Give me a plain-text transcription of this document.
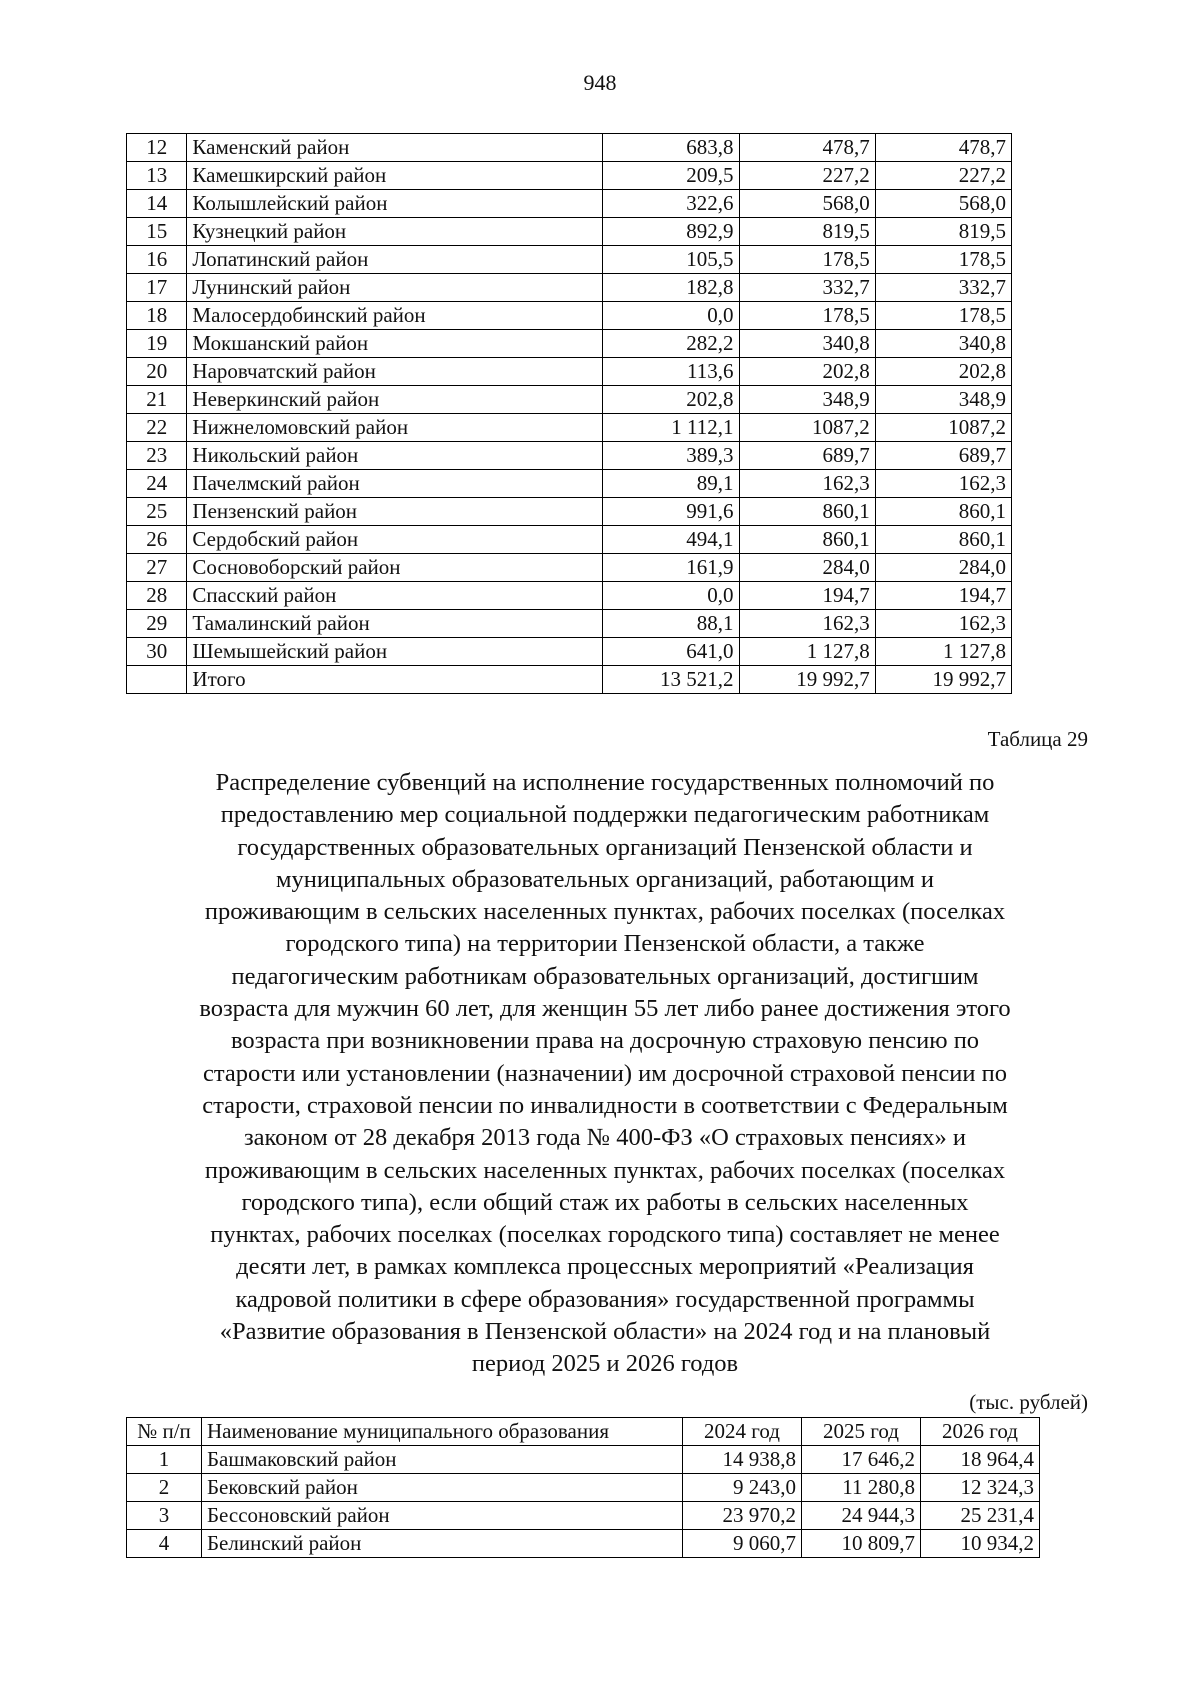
948
12	Каменский район	683,8	478,7	478,7
13	Камешкирский район	209,5	227,2	227,2
14	Колышлейский район	322,6	568,0	568,0
15	Кузнецкий район	892,9	819,5	819,5
16	Лопатинский район	105,5	178,5	178,5
17	Лунинский район	182,8	332,7	332,7
18	Малосердобинский район	0,0	178,5	178,5
19	Мокшанский район	282,2	340,8	340,8
20	Наровчатский район	113,6	202,8	202,8
21	Неверкинский район	202,8	348,9	348,9
22	Нижнеломовский район	1 112,1	1087,2	1087,2
23	Никольский район	389,3	689,7	689,7
24	Пачелмский район	89,1	162,3	162,3
25	Пензенский район	991,6	860,1	860,1
26	Сердобский район	494,1	860,1	860,1
27	Сосновоборский район	161,9	284,0	284,0
28	Спасский район	0,0	194,7	194,7
29	Тамалинский район	88,1	162,3	162,3
30	Шемышейский район	641,0	1 127,8	1 127,8
	Итого	13 521,2	19 992,7	19 992,7
Таблица 29
Распределение субвенций на исполнение государственных полномочий по
предоставлению мер социальной поддержки педагогическим работникам
государственных образовательных организаций Пензенской области и
муниципальных образовательных организаций, работающим и
проживающим в сельских населенных пунктах, рабочих поселках (поселках
городского типа) на территории Пензенской области, а также
педагогическим работникам образовательных организаций, достигшим
возраста для мужчин 60 лет, для женщин 55 лет либо ранее достижения этого
возраста при возникновении права на досрочную страховую пенсию по
старости или установлении (назначении) им досрочной страховой пенсии по
старости, страховой пенсии по инвалидности в соответствии с Федеральным
законом от 28 декабря 2013 года № 400-ФЗ «О страховых пенсиях» и
проживающим в сельских населенных пунктах, рабочих поселках (поселках
городского типа), если общий стаж их работы в сельских населенных
пунктах, рабочих поселках (поселках городского типа) составляет не менее
десяти лет, в рамках комплекса процессных мероприятий «Реализация
кадровой политики в сфере образования» государственной программы
«Развитие образования в Пензенской области» на 2024 год и на плановый
период 2025 и 2026 годов
(тыс. рублей)
№ п/п	Наименование муниципального образования	2024 год	2025 год	2026 год
1	Башмаковский район	14 938,8	17 646,2	18 964,4
2	Бековский район	9 243,0	11 280,8	12 324,3
3	Бессоновский район	23 970,2	24 944,3	25 231,4
4	Белинский район	9 060,7	10 809,7	10 934,2
